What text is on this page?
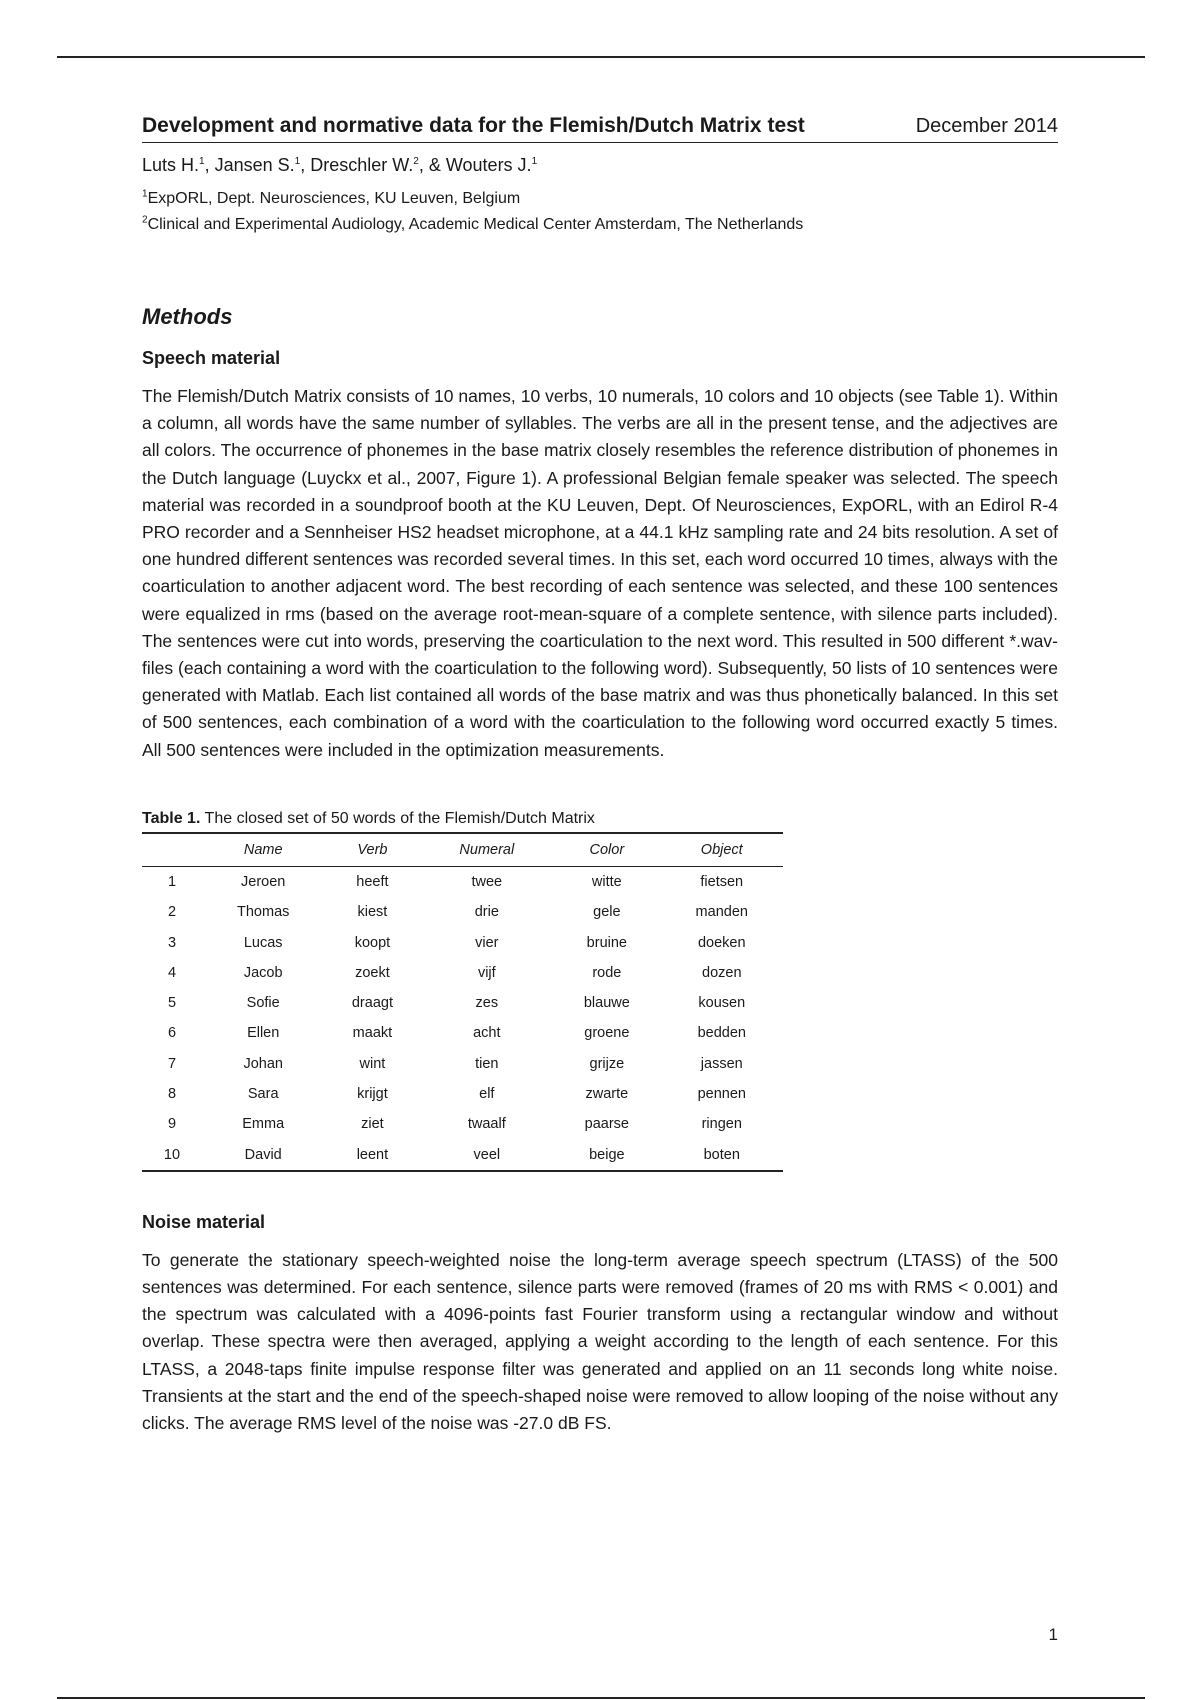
Development and normative data for the Flemish/Dutch Matrix test	December 2014
Luts H.$^1$, Jansen S.$^1$, Dreschler W.$^2$, & Wouters J.$^1$
$^1$ExpORL, Dept. Neurosciences, KU Leuven, Belgium
$^2$Clinical and Experimental Audiology, Academic Medical Center Amsterdam, The Netherlands
Methods
Speech material

The Flemish/Dutch Matrix consists of 10 names, 10 verbs, 10 numerals, 10 colors and 10 objects (see Table 1). Within a column, all words have the same number of syllables. The verbs are all in the present tense, and the adjectives are all colors. The occurrence of phonemes in the base matrix closely resembles the reference distribution of phonemes in the Dutch language (Luyckx et al., 2007, Figure 1). A professional Belgian female speaker was selected. The speech material was recorded in a soundproof booth at the KU Leuven, Dept. Of Neurosciences, ExpORL, with an Edirol R-4 PRO recorder and a Sennheiser HS2 headset microphone, at a 44.1 kHz sampling rate and 24 bits resolution. A set of one hundred different sentences was recorded several times. In this set, each word occurred 10 times, always with the coarticulation to another adjacent word. The best recording of each sentence was selected, and these 100 sentences were equalized in rms (based on the average root-mean-square of a complete sentence, with silence parts included). The sentences were cut into words, preserving the coarticulation to the next word. This resulted in 500 different *.wav-files (each containing a word with the coarticulation to the following word). Subsequently, 50 lists of 10 sentences were generated with Matlab. Each list contained all words of the base matrix and was thus phonetically balanced. In this set of 500 sentences, each combination of a word with the coarticulation to the following word occurred exactly 5 times. All 500 sentences were included in the optimization measurements.

Table 1. The closed set of 50 words of the Flemish/Dutch Matrix
	Name	Verb	Numeral	Color	Object
1	Jeroen	heeft	twee	witte	fietsen
2	Thomas	kiest	drie	gele	manden
3	Lucas	koopt	vier	bruine	doeken
4	Jacob	zoekt	vijf	rode	dozen
5	Sofie	draagt	zes	blauwe	kousen
6	Ellen	maakt	acht	groene	bedden
7	Johan	wint	tien	grijze	jassen
8	Sara	krijgt	elf	zwarte	pennen
9	Emma	ziet	twaalf	paarse	ringen
10	David	leent	veel	beige	boten
Noise material

To generate the stationary speech-weighted noise the long-term average speech spectrum (LTASS) of the 500 sentences was determined. For each sentence, silence parts were removed (frames of 20 ms with RMS < 0.001) and the spectrum was calculated with a 4096-points fast Fourier transform using a rectangular window and without overlap. These spectra were then averaged, applying a weight according to the length of each sentence. For this LTASS, a 2048-taps finite impulse response filter was generated and applied on an 11 seconds long white noise. Transients at the start and the end of the speech-shaped noise were removed to allow looping of the noise without any clicks. The average RMS level of the noise was -27.0 dB FS.

1
